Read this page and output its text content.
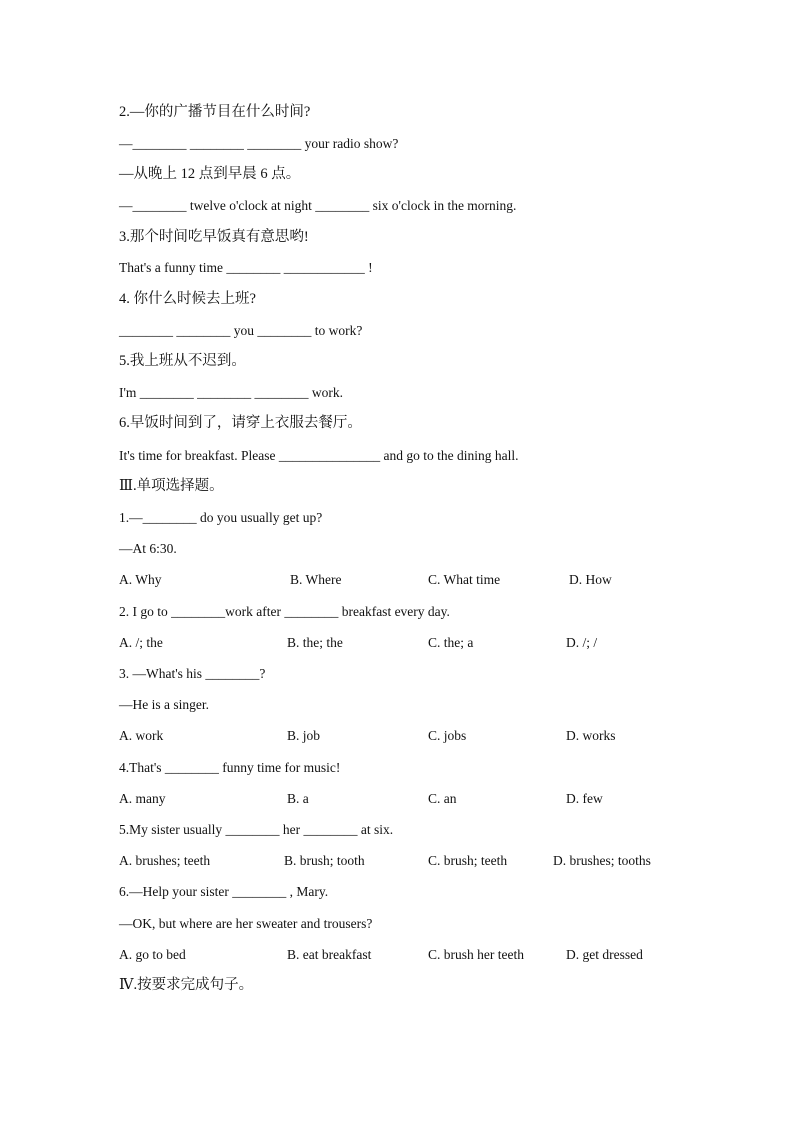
2.—你的广播节目在什么时间?
—________ ________ ________ your radio show?
—从晚上 12 点到早晨 6 点。
—________ twelve o'clock at night ________ six o'clock in the morning.
3.那个时间吃早饭真有意思哟!
That's a funny time ________ ____________ !
4. 你什么时候去上班?
________ ________ you ________ to work?
5.我上班从不迟到。
I'm ________ ________ ________ work.
6.早饭时间到了，请穿上衣服去餐厅。
It's time for breakfast. Please _______________ and go to the dining hall.
Ⅲ.单项选择题。
1.—________ do you usually get up?
—At 6:30.
A. Why	B. Where	C. What time	D. How
2. I go to ________work after ________ breakfast every day.
A. /; the	B. the; the	C. the; a	D. /; /
3. —What's his ________?
—He is a singer.
A. work	B. job	C. jobs	D. works
4.That's ________ funny time for music!
A. many	B. a	C. an	D. few
5.My sister usually ________ her ________ at six.
A. brushes; teeth	B. brush; tooth	C. brush; teeth	D. brushes; tooths
6.—Help your sister ________ , Mary.
—OK, but where are her sweater and trousers?
A. go to bed	B. eat breakfast	C. brush her teeth	D. get dressed
Ⅳ.按要求完成句子。
